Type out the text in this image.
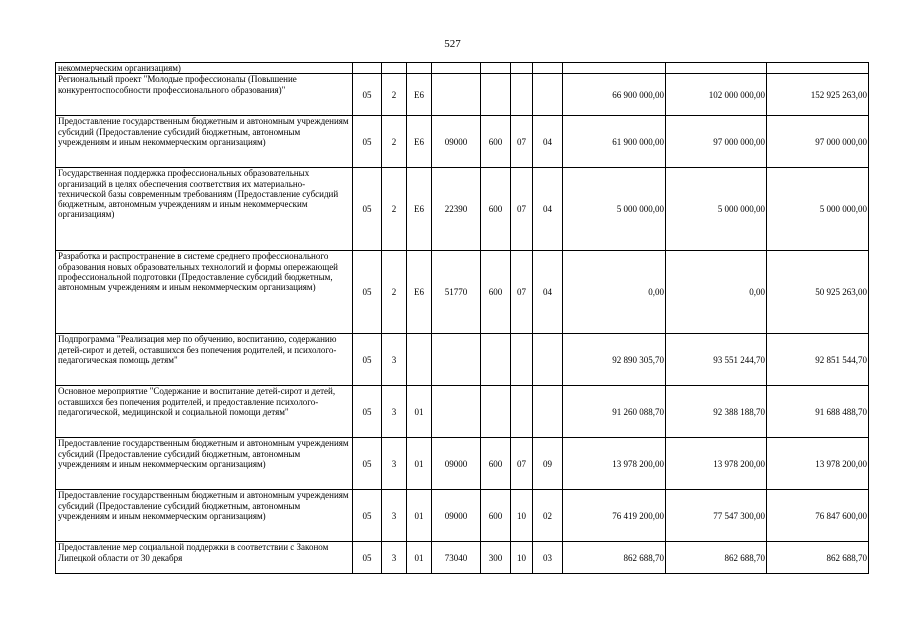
527
некоммерческим организациям)										
Региональный проект "Молодые профессионалы (Повышение конкурентоспособности профессионального образования)"	05	2	Е6					66 900 000,00	102 000 000,00	152 925 263,00
Предоставление государственным бюджетным и автономным учреждениям субсидий (Предоставление субсидий бюджетным, автономным учреждениям и иным некоммерческим организациям)	05	2	Е6	09000	600	07	04	61 900 000,00	97 000 000,00	97 000 000,00
Государственная поддержка профессиональных образовательных организаций в целях обеспечения соответствия их материально-технической базы современным требованиям (Предоставление субсидий бюджетным, автономным учреждениям и иным некоммерческим организациям)	05	2	Е6	22390	600	07	04	5 000 000,00	5 000 000,00	5 000 000,00
Разработка и распространение в системе среднего профессионального образования новых образовательных технологий и формы опережающей профессиональной подготовки (Предоставление субсидий бюджетным, автономным учреждениям и иным некоммерческим организациям)	05	2	Е6	51770	600	07	04	0,00	0,00	50 925 263,00
Подпрограмма "Реализация мер по обучению, воспитанию, содержанию детей-сирот и детей, оставшихся без попечения родителей, и психолого-педагогическая помощь детям"	05	3						92 890 305,70	93 551 244,70	92 851 544,70
Основное мероприятие "Содержание и воспитание детей-сирот и детей, оставшихся без попечения родителей, и предоставление психолого-педагогической, медицинской и социальной помощи детям"	05	3	01					91 260 088,70	92 388 188,70	91 688 488,70
Предоставление государственным бюджетным и автономным учреждениям субсидий (Предоставление субсидий бюджетным, автономным учреждениям и иным некоммерческим организациям)	05	3	01	09000	600	07	09	13 978 200,00	13 978 200,00	13 978 200,00
Предоставление государственным бюджетным и автономным учреждениям субсидий (Предоставление субсидий бюджетным, автономным учреждениям и иным некоммерческим организациям)	05	3	01	09000	600	10	02	76 419 200,00	77 547 300,00	76 847 600,00
Предоставление мер социальной поддержки в соответствии с Законом Липецкой области от 30 декабря	05	3	01	73040	300	10	03	862 688,70	862 688,70	862 688,70
